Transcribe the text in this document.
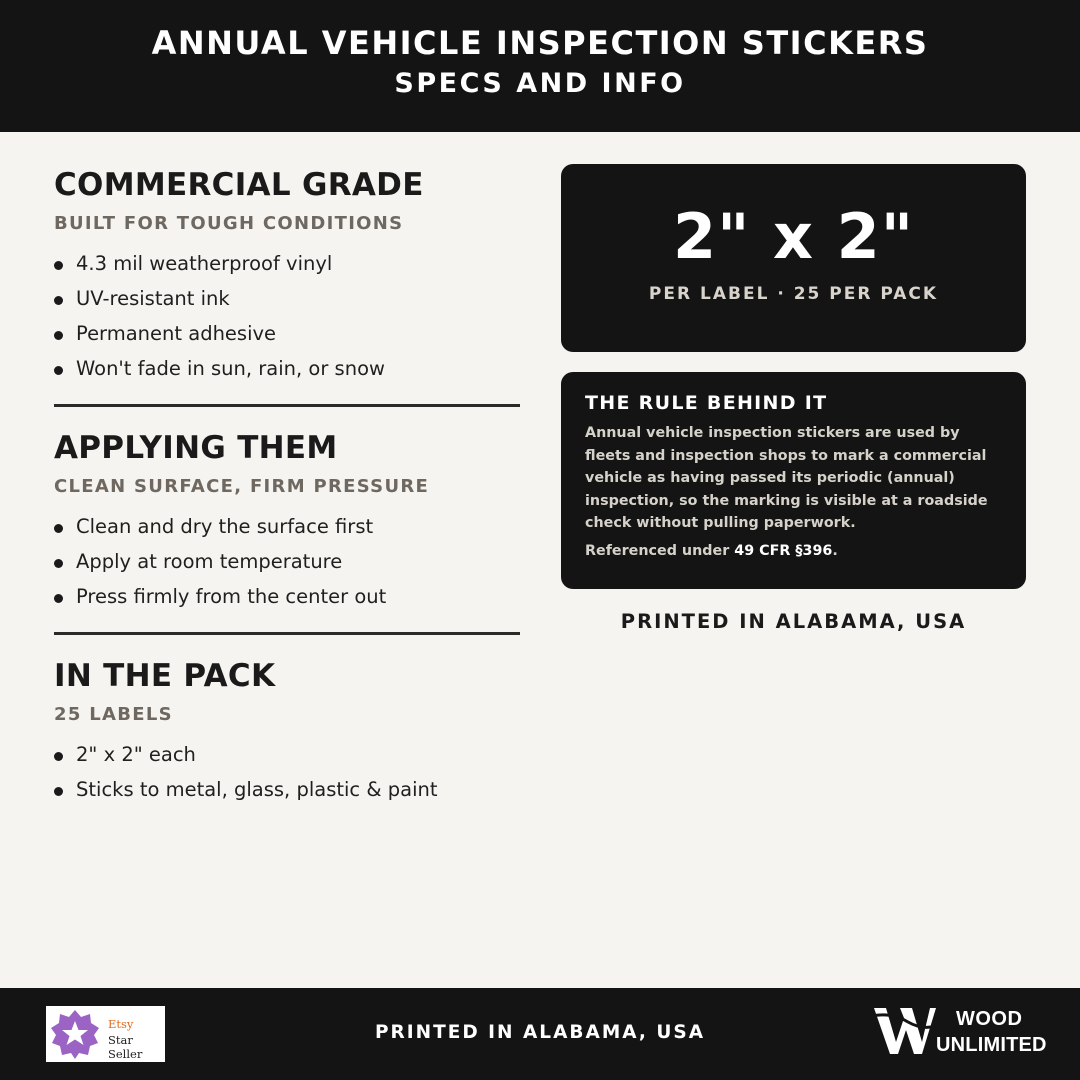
ANNUAL VEHICLE INSPECTION STICKERS
SPECS AND INFO
COMMERCIAL GRADE
BUILT FOR TOUGH CONDITIONS
4.3 mil weatherproof vinyl
UV-resistant ink
Permanent adhesive
Won't fade in sun, rain, or snow
APPLYING THEM
CLEAN SURFACE, FIRM PRESSURE
Clean and dry the surface first
Apply at room temperature
Press firmly from the center out
IN THE PACK
25 LABELS
2" x 2" each
Sticks to metal, glass, plastic & paint
2" x 2"
PER LABEL · 25 PER PACK
THE RULE BEHIND IT
Annual vehicle inspection stickers are used by fleets and inspection shops to mark a commercial vehicle as having passed its periodic (annual) inspection, so the marking is visible at a roadside check without pulling paperwork.
Referenced under 49 CFR §396.
PRINTED IN ALABAMA, USA
Etsy
Star Seller
PRINTED IN ALABAMA, USA
WOOD
UNLIMITED
